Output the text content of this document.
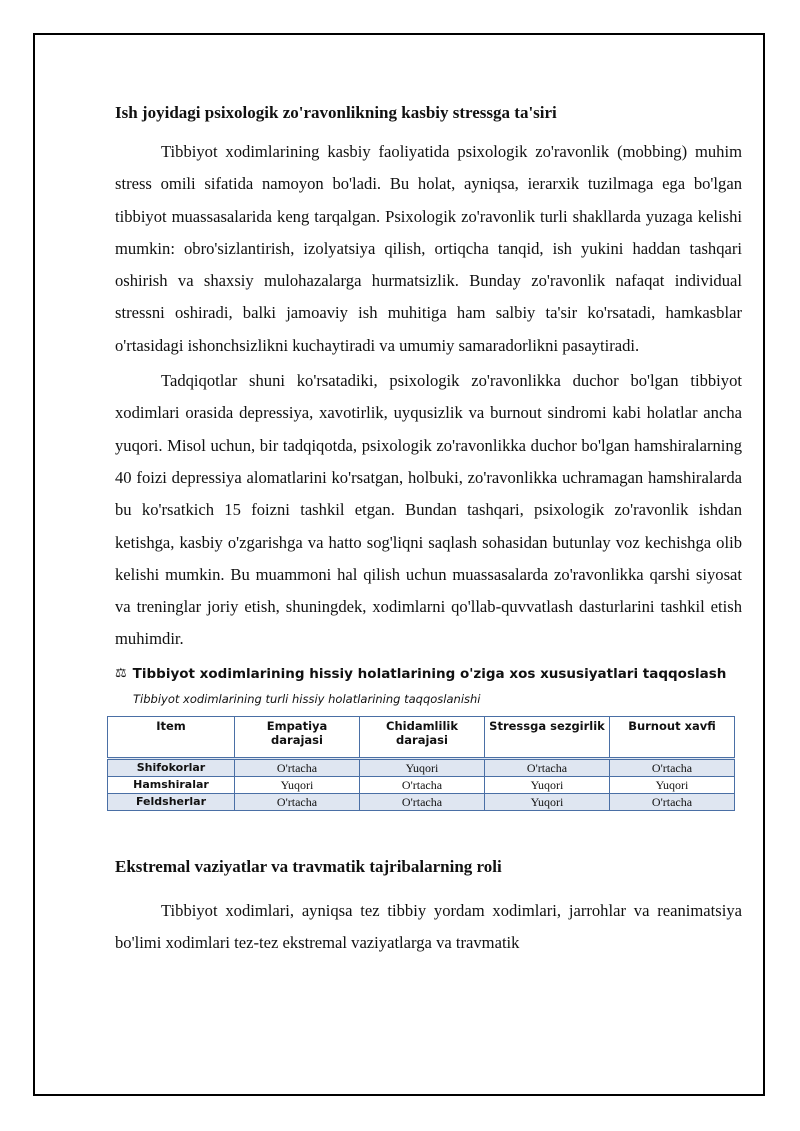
Ish joyidagi psixologik zo'ravonlikning kasbiy stressga ta'siri

Tibbiyot xodimlarining kasbiy faoliyatida psixologik zo'ravonlik (mobbing) muhim stress omili sifatida namoyon bo'ladi. Bu holat, ayniqsa, ierarxik tuzilmaga ega bo'lgan tibbiyot muassasalarida keng tarqalgan. Psixologik zo'ravonlik turli shakllarda yuzaga kelishi mumkin: obro'sizlantirish, izolyatsiya qilish, ortiqcha tanqid, ish yukini haddan tashqari oshirish va shaxsiy mulohazalarga hurmatsizlik. Bunday zo'ravonlik nafaqat individual stressni oshiradi, balki jamoaviy ish muhitiga ham salbiy ta'sir ko'rsatadi, hamkasblar o'rtasidagi ishonchsizlikni kuchaytiradi va umumiy samaradorlikni pasaytiradi.

Tadqiqotlar shuni ko'rsatadiki, psixologik zo'ravonlikka duchor bo'lgan tibbiyot xodimlari orasida depressiya, xavotirlik, uyqusizlik va burnout sindromi kabi holatlar ancha yuqori. Misol uchun, bir tadqiqotda, psixologik zo'ravonlikka duchor bo'lgan hamshiralarning 40 foizi depressiya alomatlarini ko'rsatgan, holbuki, zo'ravonlikka uchramagan hamshiralarda bu ko'rsatkich 15 foizni tashkil etgan. Bundan tashqari, psixologik zo'ravonlik ishdan ketishga, kasbiy o'zgarishga va hatto sog'liqni saqlash sohasidan butunlay voz kechishga olib kelishi mumkin. Bu muammoni hal qilish uchun muassasalarda zo'ravonlikka qarshi siyosat va treninglar joriy etish, shuningdek, xodimlarni qo'llab-quvvatlash dasturlarini tashkil etish muhimdir.

⚖ Tibbiyot xodimlarining hissiy holatlarining o'ziga xos xususiyatlari taqqoslash
Tibbiyot xodimlarining turli hissiy holatlarining taqqoslanishi
Item	Empatiya darajasi	Chidamlilik darajasi	Stressga sezgirlik	Burnout xavfi
Shifokorlar	O'rtacha	Yuqori	O'rtacha	O'rtacha
Hamshiralar	Yuqori	O'rtacha	Yuqori	Yuqori
Feldsherlar	O'rtacha	O'rtacha	Yuqori	O'rtacha
Ekstremal vaziyatlar va travmatik tajribalarning roli

Tibbiyot xodimlari, ayniqsa tez tibbiy yordam xodimlari, jarrohlar va reanimatsiya bo'limi xodimlari tez-tez ekstremal vaziyatlarga va travmatik
